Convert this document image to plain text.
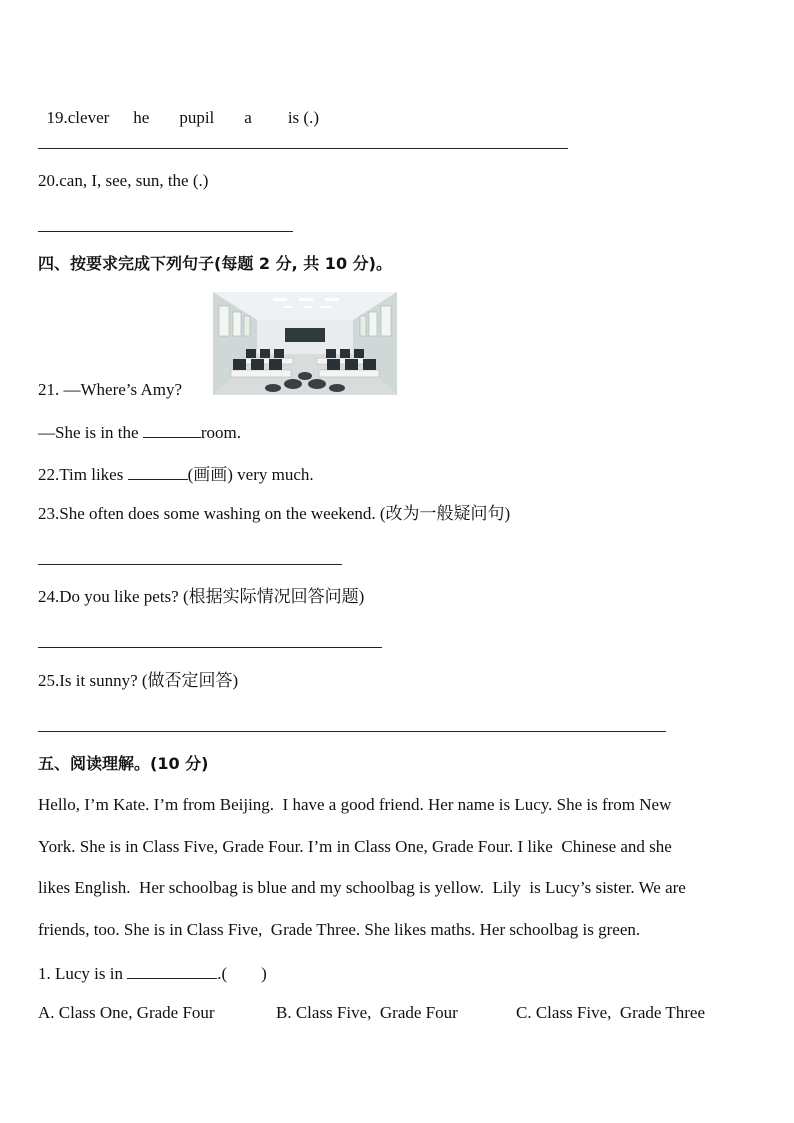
19.clever he pupil a is (.)

20.can, I, see, sun, the (.)
四、按要求完成下列句子(每题 2 分, 共 10 分)。
21. —Where’s Amy?
—She is in the	room.
22.Tim likes	(画画) very much.
23.She often does some washing on the weekend. (改为一般疑问句)
24.Do you like pets? (根据实际情况回答问题)
25.Is it sunny? (做否定回答)
五、阅读理解。(10 分)
Hello, I’m Kate. I’m from Beijing.  I have a good friend. Her name is Lucy. She is from New
York. She is in Class Five, Grade Four. I’m in Class One, Grade Four. I like  Chinese and she
likes English.  Her schoolbag is blue and my schoolbag is yellow.  Lily  is Lucy’s sister. We are
friends, too. She is in Class Five,  Grade Three. She likes maths. Her schoolbag is green.
1. Lucy is in	.(        )
A. Class One, Grade Four	B. Class Five,  Grade Four	C. Class Five,  Grade Three
